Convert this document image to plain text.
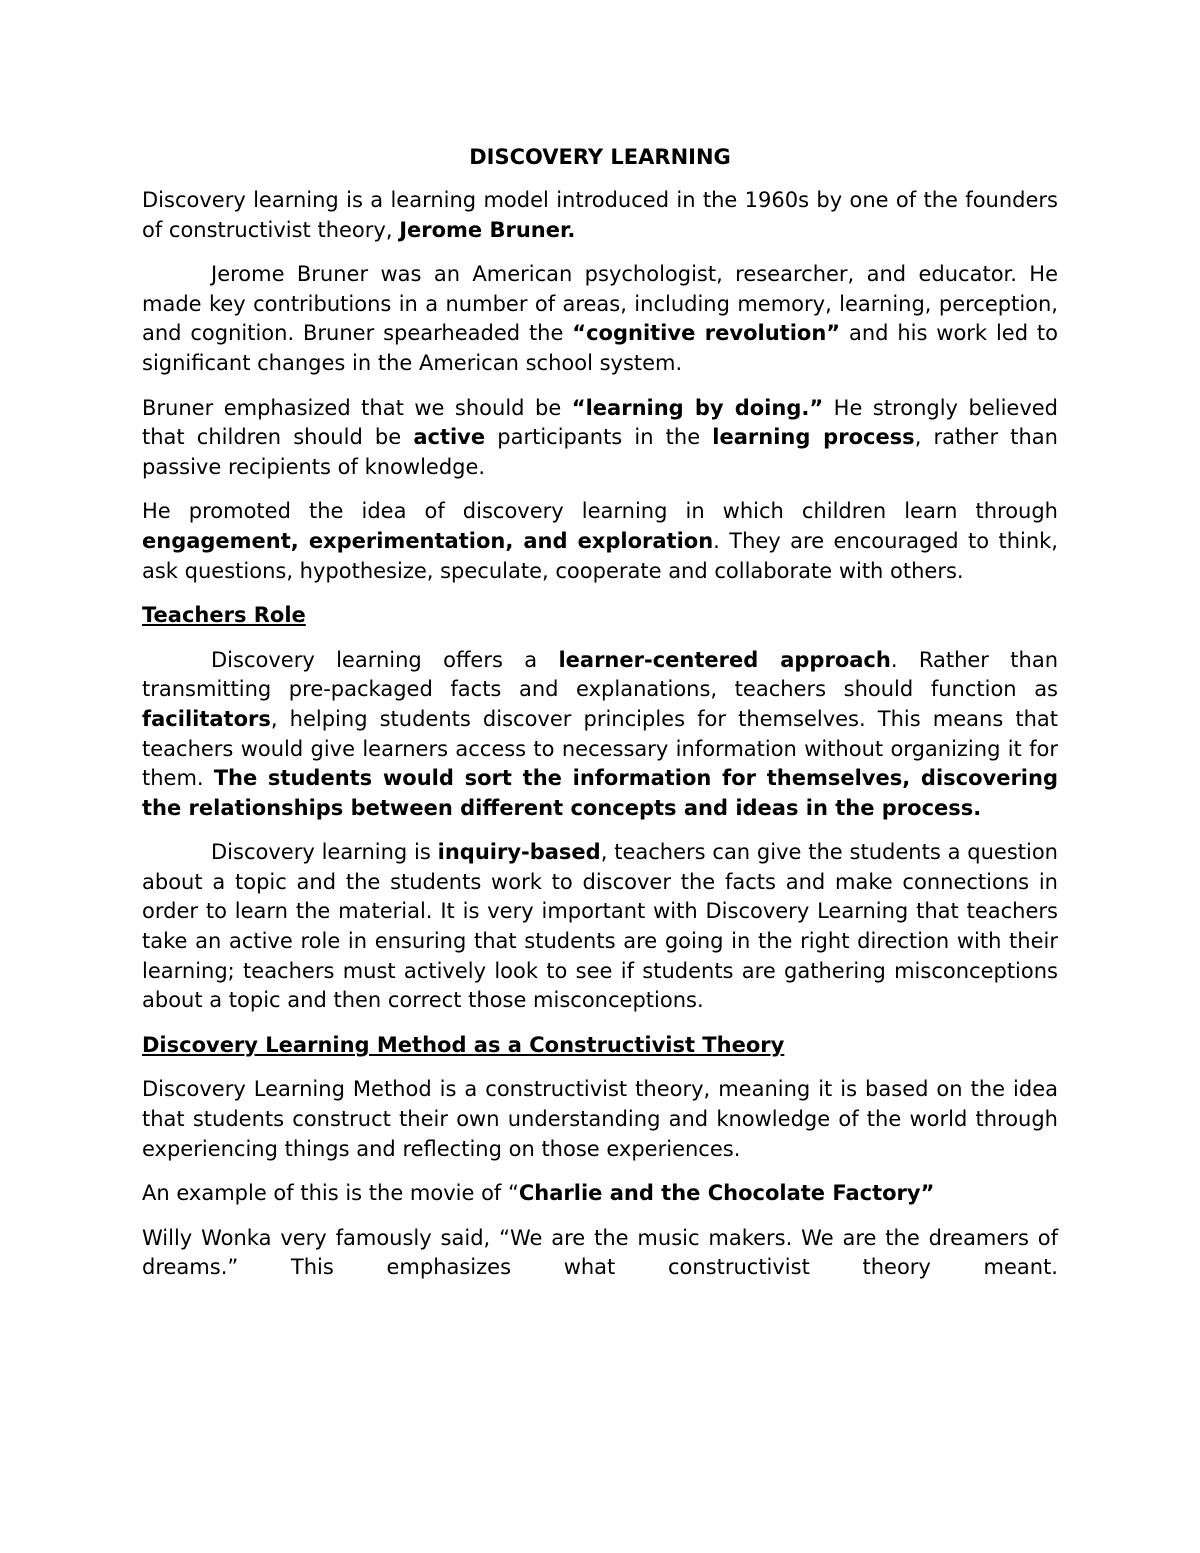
DISCOVERY LEARNING

Discovery learning is a learning model introduced in the 1960s by one of the founders of constructivist theory, Jerome Bruner.

Jerome Bruner was an American psychologist, researcher, and educator. He made key contributions in a number of areas, including memory, learning, perception, and cognition. Bruner spearheaded the “cognitive revolution” and his work led to significant changes in the American school system.

Bruner emphasized that we should be “learning by doing.” He strongly believed that children should be active participants in the learning process, rather than passive recipients of knowledge.

He promoted the idea of discovery learning in which children learn through engagement, experimentation, and exploration. They are encouraged to think, ask questions, hypothesize, speculate, cooperate and collaborate with others.

Teachers Role

Discovery learning offers a learner-centered approach. Rather than transmitting pre-packaged facts and explanations, teachers should function as facilitators, helping students discover principles for themselves. This means that teachers would give learners access to necessary information without organizing it for them. The students would sort the information for themselves, discovering the relationships between different concepts and ideas in the process.

Discovery learning is inquiry-based, teachers can give the students a question about a topic and the students work to discover the facts and make connections in order to learn the material. It is very important with Discovery Learning that teachers take an active role in ensuring that students are going in the right direction with their learning; teachers must actively look to see if students are gathering misconceptions about a topic and then correct those misconceptions.

Discovery Learning Method as a Constructivist Theory

Discovery Learning Method is a constructivist theory, meaning it is based on the idea that students construct their own understanding and knowledge of the world through experiencing things and reflecting on those experiences.

An example of this is the movie of “Charlie and the Chocolate Factory”

Willy Wonka very famously said, “We are the music makers. We are the dreamers of dreams.” This emphasizes what constructivist theory meant.
